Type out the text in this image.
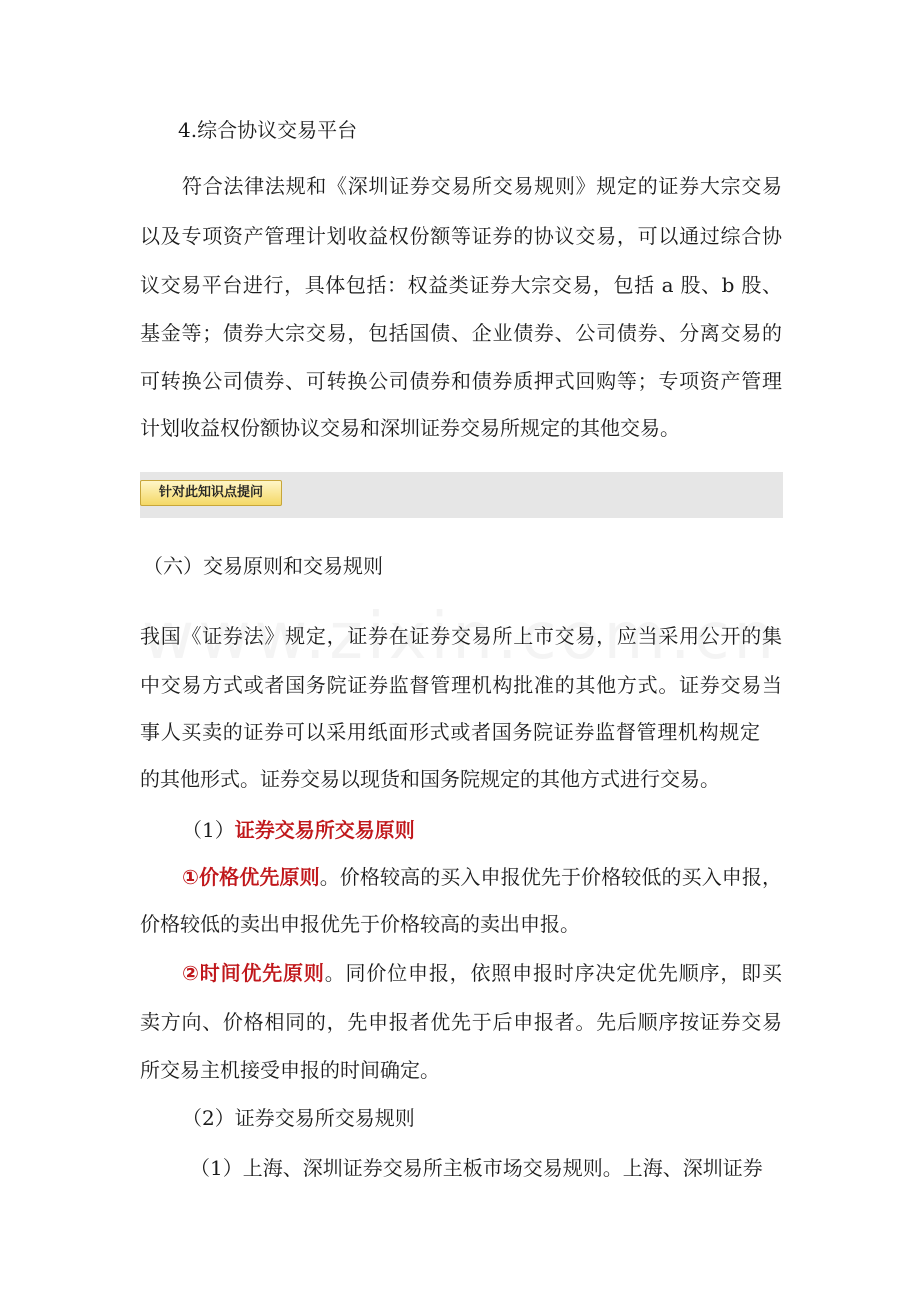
4.综合协议交易平台
符合法律法规和《深圳证券交易所交易规则》规定的证券大宗交易
以及专项资产管理计划收益权份额等证券的协议交易，可以通过综合协
议交易平台进行，具体包括：权益类证券大宗交易，包括 a 股、b 股、
基金等；债券大宗交易，包括国债、企业债券、公司债券、分离交易的
可转换公司债券、可转换公司债券和债券质押式回购等；专项资产管理
计划收益权份额协议交易和深圳证券交易所规定的其他交易。
针对此知识点提问
（六）交易原则和交易规则
我国《证券法》规定，证券在证券交易所上市交易，应当采用公开的集
中交易方式或者国务院证券监督管理机构批准的其他方式。证券交易当
事人买卖的证券可以采用纸面形式或者国务院证券监督管理机构规定
的其他形式。证券交易以现货和国务院规定的其他方式进行交易。
（1）证券交易所交易原则
①价格优先原则。价格较高的买入申报优先于价格较低的买入申报，
价格较低的卖出申报优先于价格较高的卖出申报。
②时间优先原则。同价位申报，依照申报时序决定优先顺序，即买
卖方向、价格相同的，先申报者优先于后申报者。先后顺序按证券交易
所交易主机接受申报的时间确定。
（2）证券交易所交易规则
（1）上海、深圳证券交易所主板市场交易规则。上海、深圳证券
